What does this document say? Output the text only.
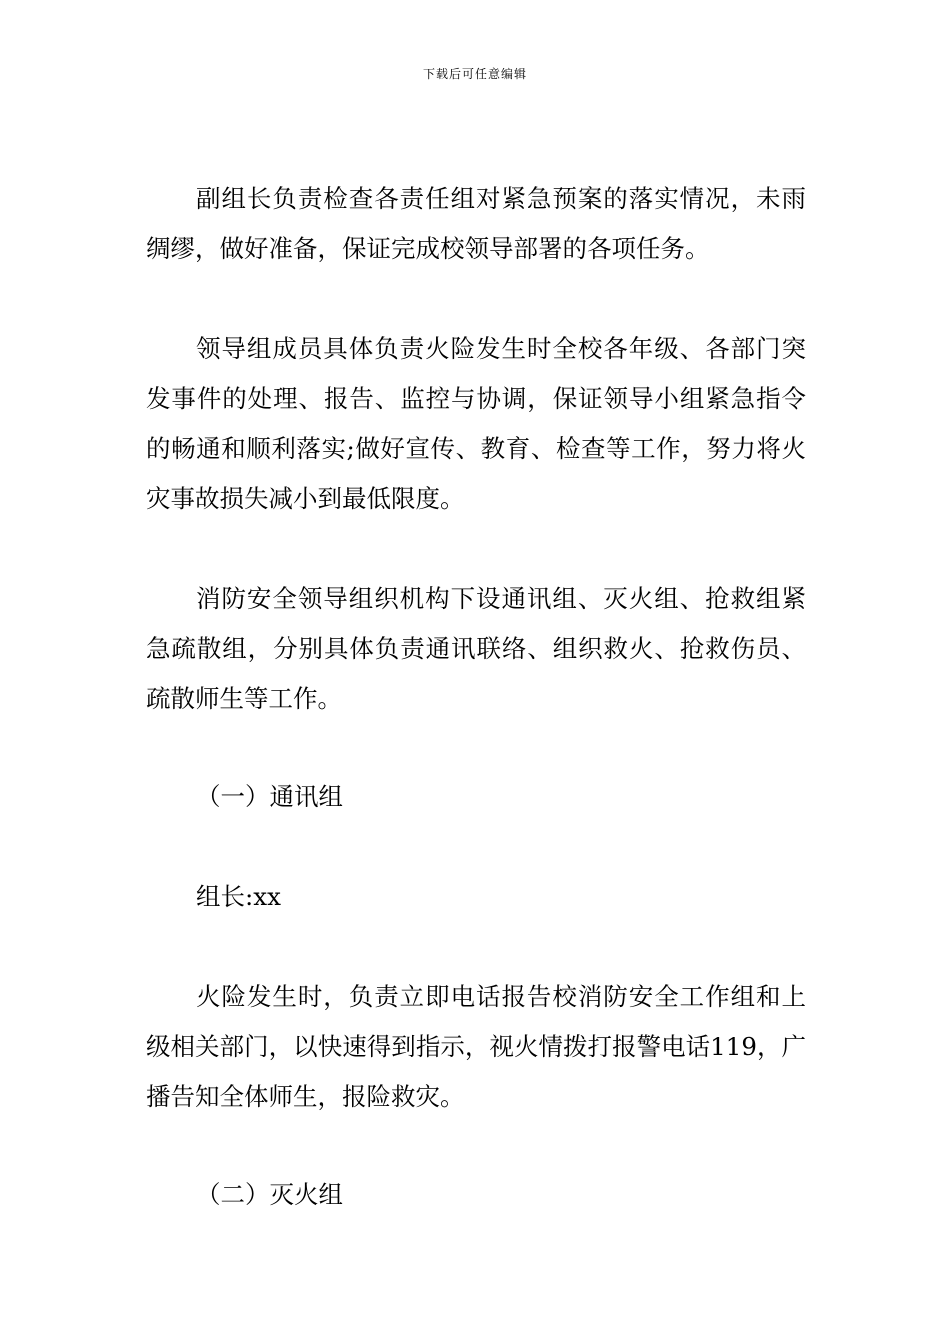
下载后可任意编辑

副组长负责检查各责任组对紧急预案的落实情况，未雨绸缪，做好准备，保证完成校领导部署的各项任务。

领导组成员具体负责火险发生时全校各年级、各部门突发事件的处理、报告、监控与协调，保证领导小组紧急指令的畅通和顺利落实;做好宣传、教育、检查等工作，努力将火灾事故损失减小到最低限度。

消防安全领导组织机构下设通讯组、灭火组、抢救组紧急疏散组，分别具体负责通讯联络、组织救火、抢救伤员、疏散师生等工作。

（一）通讯组

组长:xx

火险发生时，负责立即电话报告校消防安全工作组和上级相关部门，以快速得到指示，视火情拨打报警电话119，广播告知全体师生，报险救灾。

（二）灭火组
